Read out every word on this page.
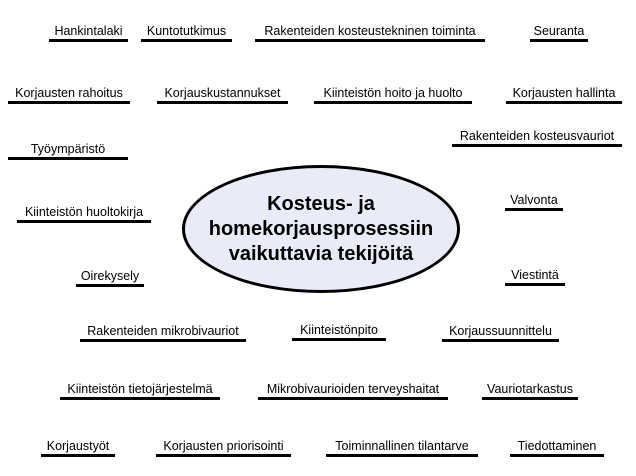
Kosteus- ja
homekorjausprosessiin
vaikuttavia tekijöitä
Hankintalaki	Kuntotutkimus	Rakenteiden kosteustekninen toiminta	Seuranta
Korjausten rahoitus	Korjauskustannukset	Kiinteistön hoito ja huolto	Korjausten hallinta
Työympäristö
Rakenteiden kosteusvauriot
Kiinteistön huoltokirja
Valvonta
Oirekysely	Viestintä
Rakenteiden mikrobivauriot	Kiinteistönpito	Korjaussuunnittelu
Kiinteistön tietojärjestelmä	Mikrobivaurioiden terveyshaitat	Vauriotarkastus
Korjaustyöt	Korjausten priorisointi	Toiminnallinen tilantarve	Tiedottaminen
